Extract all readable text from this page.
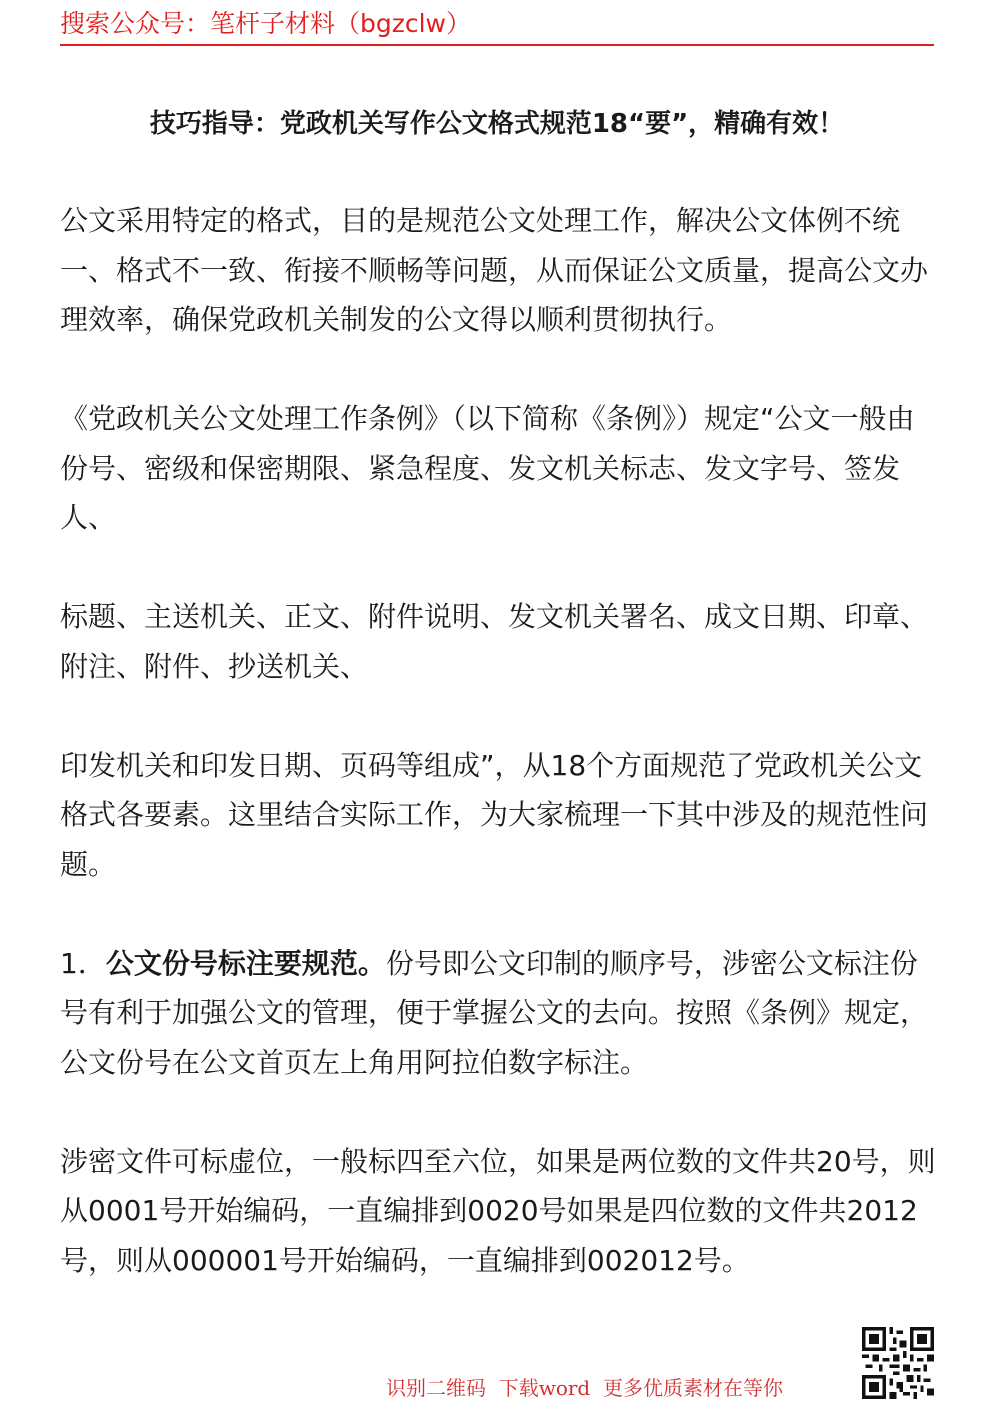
搜索公众号：笔杆子材料（bgzclw）
技巧指导：党政机关写作公文格式规范18“要”，精确有效！

公文采用特定的格式，目的是规范公文处理工作，解决公文体例不统一、格式不一致、衔接不顺畅等问题，从而保证公文质量，提高公文办理效率，确保党政机关制发的公文得以顺利贯彻执行。

《党政机关公文处理工作条例》（以下简称《条例》）规定“公文一般由份号、密级和保密期限、紧急程度、发文机关标志、发文字号、签发人、

标题、主送机关、正文、附件说明、发文机关署名、成文日期、印章、附注、附件、抄送机关、

印发机关和印发日期、页码等组成”，从18个方面规范了党政机关公文格式各要素。这里结合实际工作，为大家梳理一下其中涉及的规范性问题。

1．公文份号标注要规范。份号即公文印制的顺序号，涉密公文标注份号有利于加强公文的管理，便于掌握公文的去向。按照《条例》规定，公文份号在公文首页左上角用阿拉伯数字标注。

涉密文件可标虚位，一般标四至六位，如果是两位数的文件共20号，则从0001号开始编码，一直编排到0020号如果是四位数的文件共2012号，则从000001号开始编码，一直编排到002012号。

识别二维码  下载word  更多优质素材在等你
